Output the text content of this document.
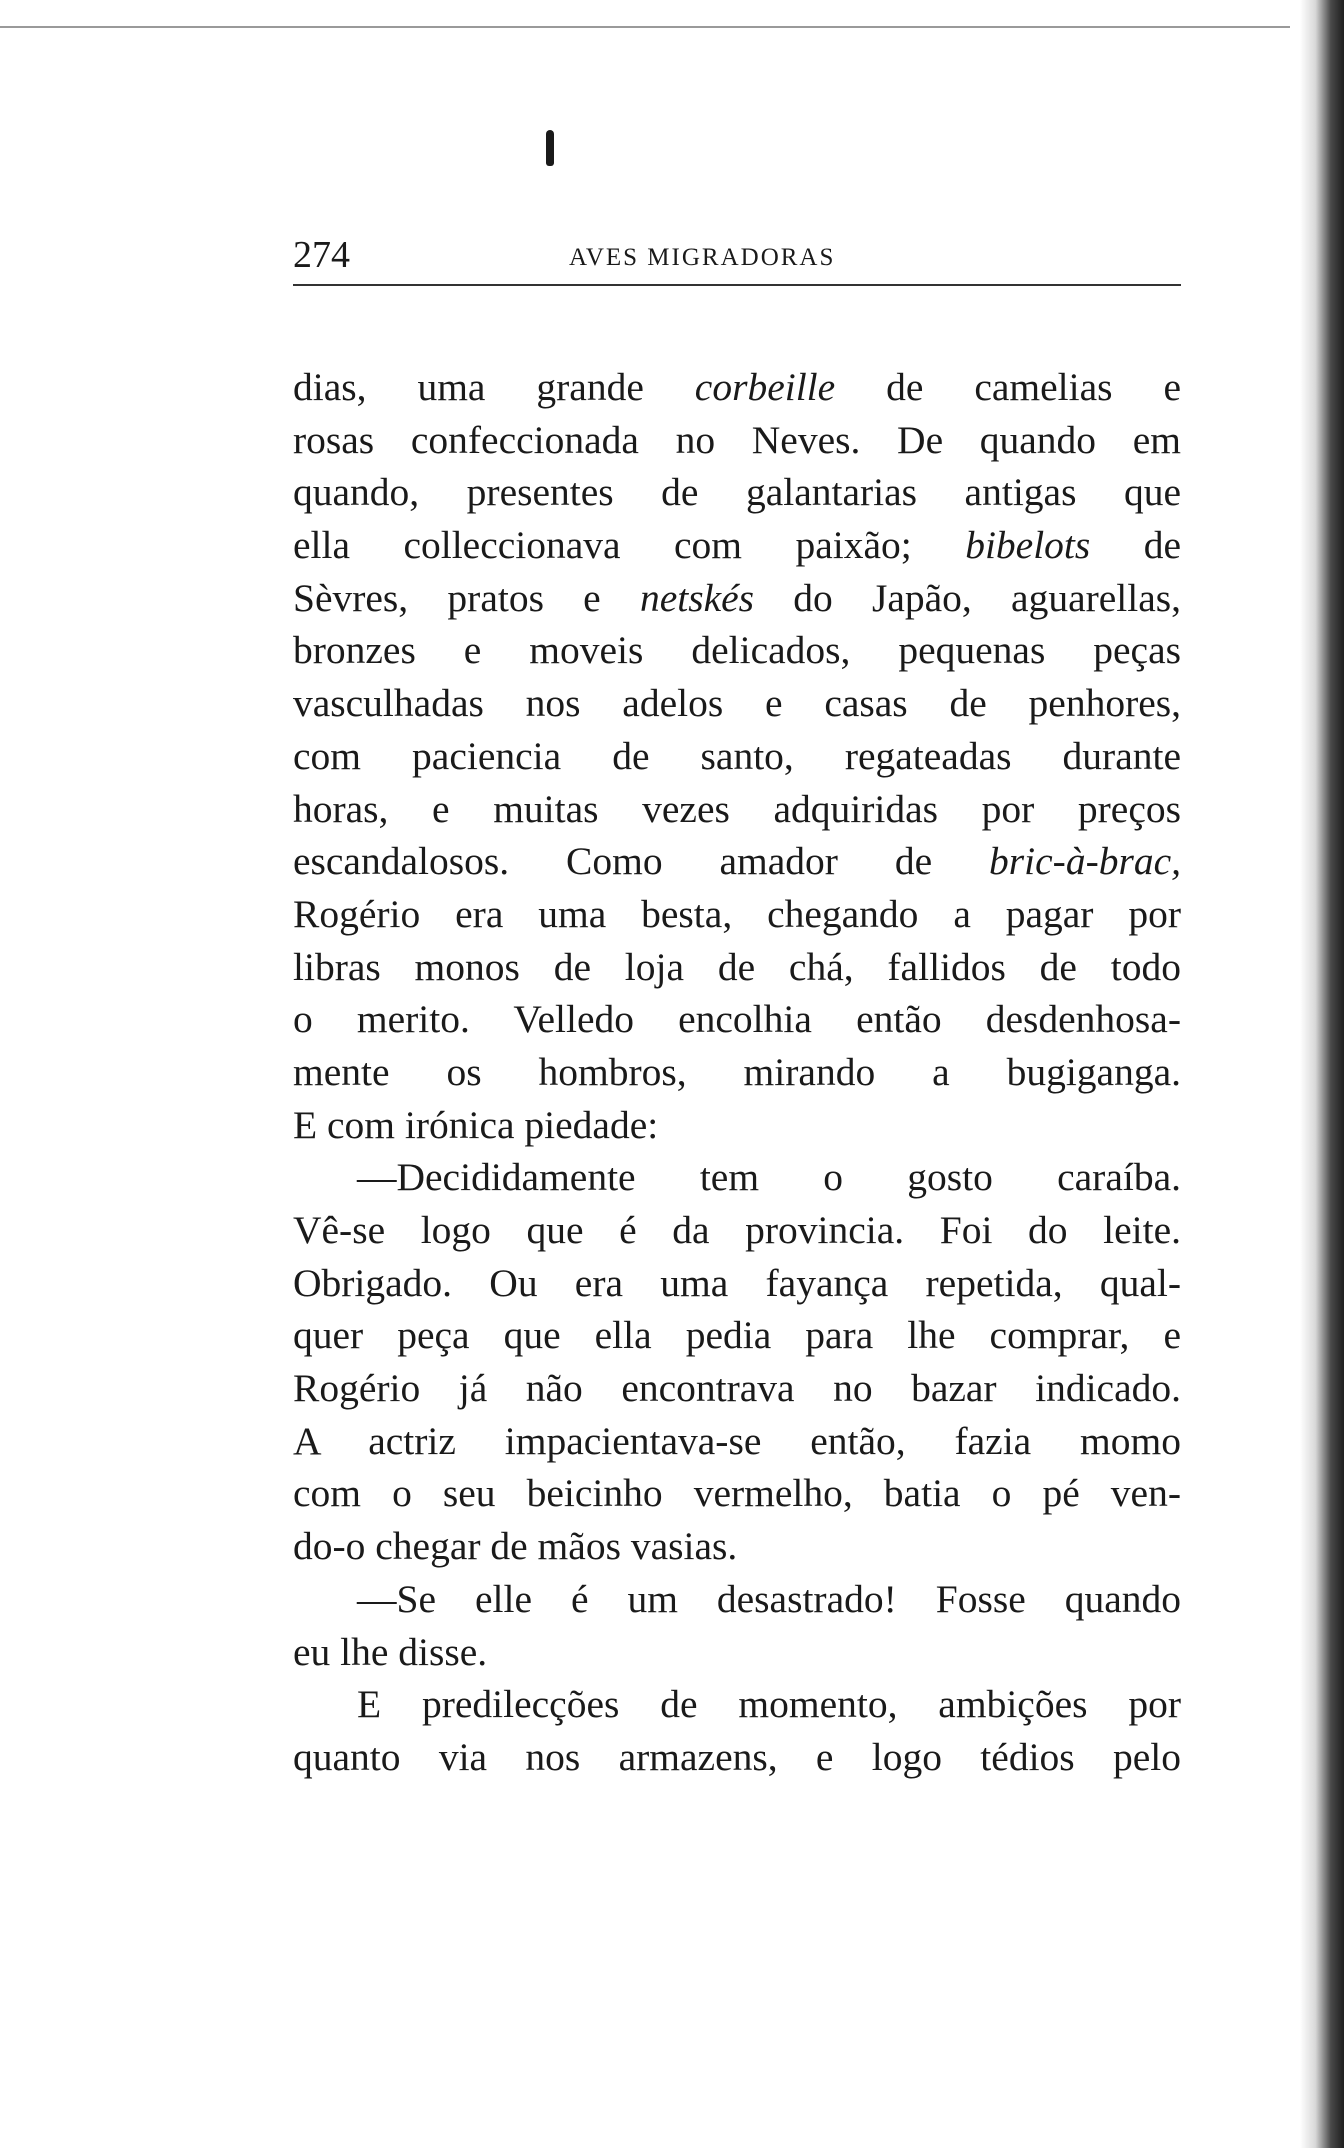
274	AVES MIGRADORAS
dias, uma grande corbeille de camelias e
rosas confeccionada no Neves. De quando em
quando, presentes de galantarias antigas que
ella colleccionava com paixão; bibelots de
Sèvres, pratos e netskés do Japão, aguarellas,
bronzes e moveis delicados, pequenas peças
vasculhadas nos adelos e casas de penhores,
com paciencia de santo, regateadas durante
horas, e muitas vezes adquiridas por preços
escandalosos. Como amador de bric-à-brac,
Rogério era uma besta, chegando a pagar por
libras monos de loja de chá, fallidos de todo
o merito. Velledo encolhia então desdenhosa-
mente os hombros, mirando a bugiganga.
E com irónica piedade:
—Decididamente tem o gosto caraíba.
Vê-se logo que é da provincia. Foi do leite.
Obrigado. Ou era uma fayança repetida, qual-
quer peça que ella pedia para lhe comprar, e
Rogério já não encontrava no bazar indicado.
A actriz impacientava-se então, fazia momo
com o seu beicinho vermelho, batia o pé ven-
do-o chegar de mãos vasias.
—Se elle é um desastrado! Fosse quando
eu lhe disse.
E predilecções de momento, ambições por
quanto via nos armazens, e logo tédios pelo
